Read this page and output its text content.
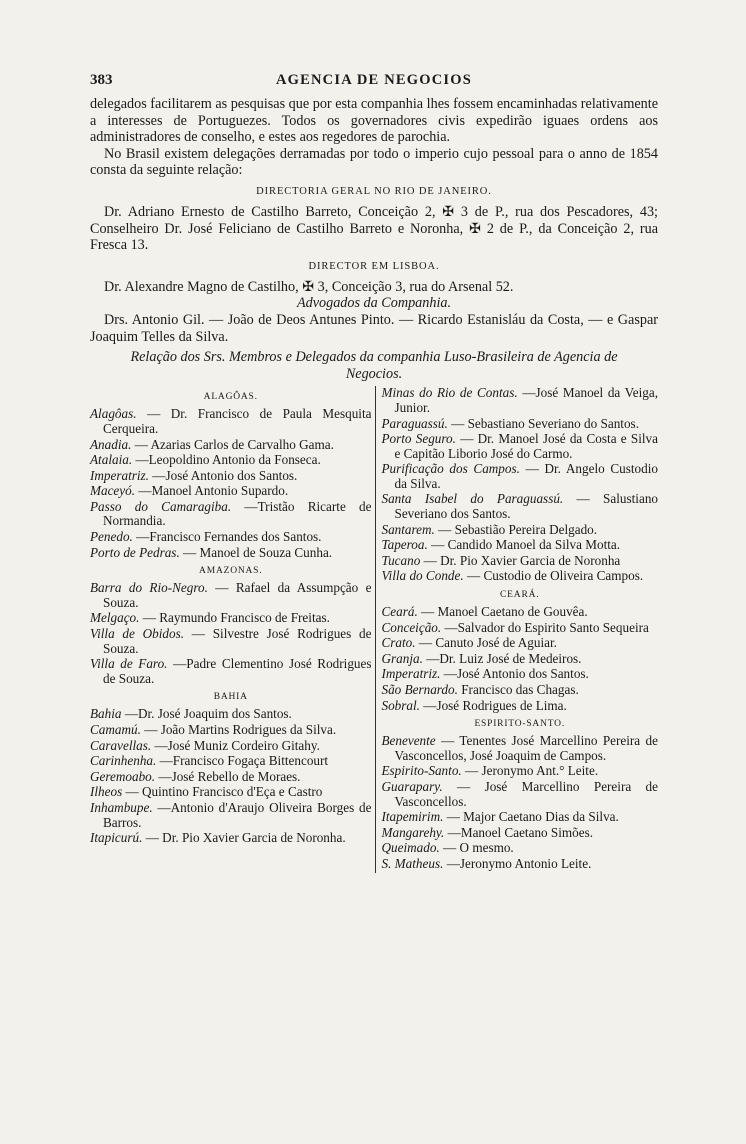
383	AGENCIA DE NEGOCIOS

delegados facilitarem as pesquisas que por esta companhia lhes fossem encaminhadas relativamente a interesses de Portuguezes. Todos os governadores civis expedirão iguaes ordens aos administradores de conselho, e estes aos regedores de parochia.

No Brasil existem delegações derramadas por todo o imperio cujo pessoal para o anno de 1854 consta da seguinte relação:

DIRECTORIA GERAL NO RIO DE JANEIRO.

Dr. Adriano Ernesto de Castilho Barreto, Conceição 2, ✠ 3 de P., rua dos Pescadores, 43; Conselheiro Dr. José Feliciano de Castilho Barreto e Noronha, ✠ 2 de P., da Conceição 2, rua Fresca 13.

DIRECTOR EM LISBOA.

Dr. Alexandre Magno de Castilho, ✠ 3, Conceição 3, rua do Arsenal 52.

Advogados da Companhia.

Drs. Antonio Gil. — João de Deos Antunes Pinto. — Ricardo Estanisláu da Costa, — e Gaspar Joaquim Telles da Silva.

Relação dos Srs. Membros e Delegados da companhia Luso-Brasileira de Agencia de Negocios.
ALAGÔAS.
Alagôas. — Dr. Francisco de Paula Mesquita Cerqueira.
Anadia. — Azarias Carlos de Carvalho Gama.
Atalaia. —Leopoldino Antonio da Fonseca.
Imperatriz. —José Antonio dos Santos.
Maceyó. —Manoel Antonio Supardo.
Passo do Camaragiba. —Tristão Ricarte de Normandia.
Penedo. —Francisco Fernandes dos Santos.
Porto de Pedras. — Manoel de Souza Cunha.
AMAZONAS.
Barra do Rio-Negro. — Rafael da Assumpção e Souza.
Melgaço. — Raymundo Francisco de Freitas.
Villa de Obidos. — Silvestre José Rodrigues de Souza.
Villa de Faro. —Padre Clementino José Rodrigues de Souza.
BAHIA
Bahia —Dr. José Joaquim dos Santos.
Camamú. — João Martins Rodrigues da Silva.
Caravellas. —José Muniz Cordeiro Gitahy.
Carinhenha. —Francisco Fogaça Bittencourt
Geremoabo. —José Rebello de Moraes.
Ilheos — Quintino Francisco d'Eça e Castro
Inhambupe. —Antonio d'Araujo Oliveira Borges de Barros.
Itapicurú. — Dr. Pio Xavier Garcia de Noronha.
Minas do Rio de Contas. —José Manoel da Veiga, Junior.
Paraguassú. — Sebastiano Severiano do Santos.
Porto Seguro. — Dr. Manoel José da Costa e Silva e Capitão Liborio José do Carmo.
Purificação dos Campos. — Dr. Angelo Custodio da Silva.
Santa Isabel do Paraguassú. — Salustiano Severiano dos Santos.
Santarem. — Sebastião Pereira Delgado.
Taperoa. — Candido Manoel da Silva Motta.
Tucano — Dr. Pio Xavier Garcia de Noronha
Villa do Conde. — Custodio de Oliveira Campos.
CEARÁ.
Ceará. — Manoel Caetano de Gouvêa.
Conceição. —Salvador do Espirito Santo Sequeira
Crato. — Canuto José de Aguiar.
Granja. —Dr. Luiz José de Medeiros.
Imperatriz. —José Antonio dos Santos.
São Bernardo. Francisco das Chagas.
Sobral. —José Rodrigues de Lima.
ESPIRITO-SANTO.
Benevente — Tenentes José Marcellino Pereira de Vasconcellos, José Joaquim de Campos.
Espirito-Santo. — Jeronymo Ant.° Leite.
Guarapary. — José Marcellino Pereira de Vasconcellos.
Itapemirim. — Major Caetano Dias da Silva.
Mangarehy. —Manoel Caetano Simões.
Queimado. — O mesmo.
S. Matheus. —Jeronymo Antonio Leite.
